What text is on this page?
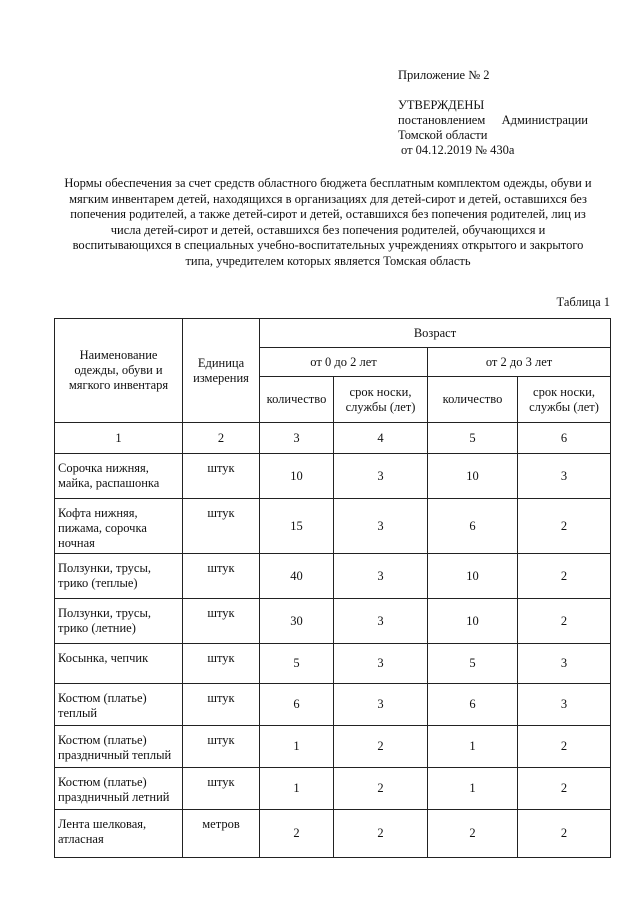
Приложение № 2
УТВЕРЖДЕНЫ
постановлением Администрации
Томской области
от 04.12.2019 № 430а
Нормы обеспечения за счет средств областного бюджета бесплатным комплектом одежды, обуви и мягким инвентарем детей, находящихся в организациях для детей-сирот и детей, оставшихся без попечения родителей, а также детей-сирот и детей, оставшихся без попечения родителей, лиц из числа детей-сирот и детей, оставшихся без попечения родителей, обучающихся и воспитывающихся в специальных учебно-воспитательных учреждениях открытого и закрытого типа, учредителем которых является Томская область
Таблица 1
Наименование одежды, обуви и мягкого инвентаря	Единица измерения	Возраст			
		от 0 до 2 лет		от 2 до 3 лет	
		количество	срок носки, службы (лет)	количество	срок носки, службы (лет)
1	2	3	4	5	6
Сорочка нижняя, майка, распашонка	штук	10	3	10	3
Кофта нижняя, пижама, сорочка ночная	штук	15	3	6	2
Ползунки, трусы, трико (теплые)	штук	40	3	10	2
Ползунки, трусы, трико (летние)	штук	30	3	10	2
Косынка, чепчик	штук	5	3	5	3
Костюм (платье) теплый	штук	6	3	6	3
Костюм (платье) праздничный теплый	штук	1	2	1	2
Костюм (платье) праздничный летний	штук	1	2	1	2
Лента шелковая, атласная	метров	2	2	2	2
